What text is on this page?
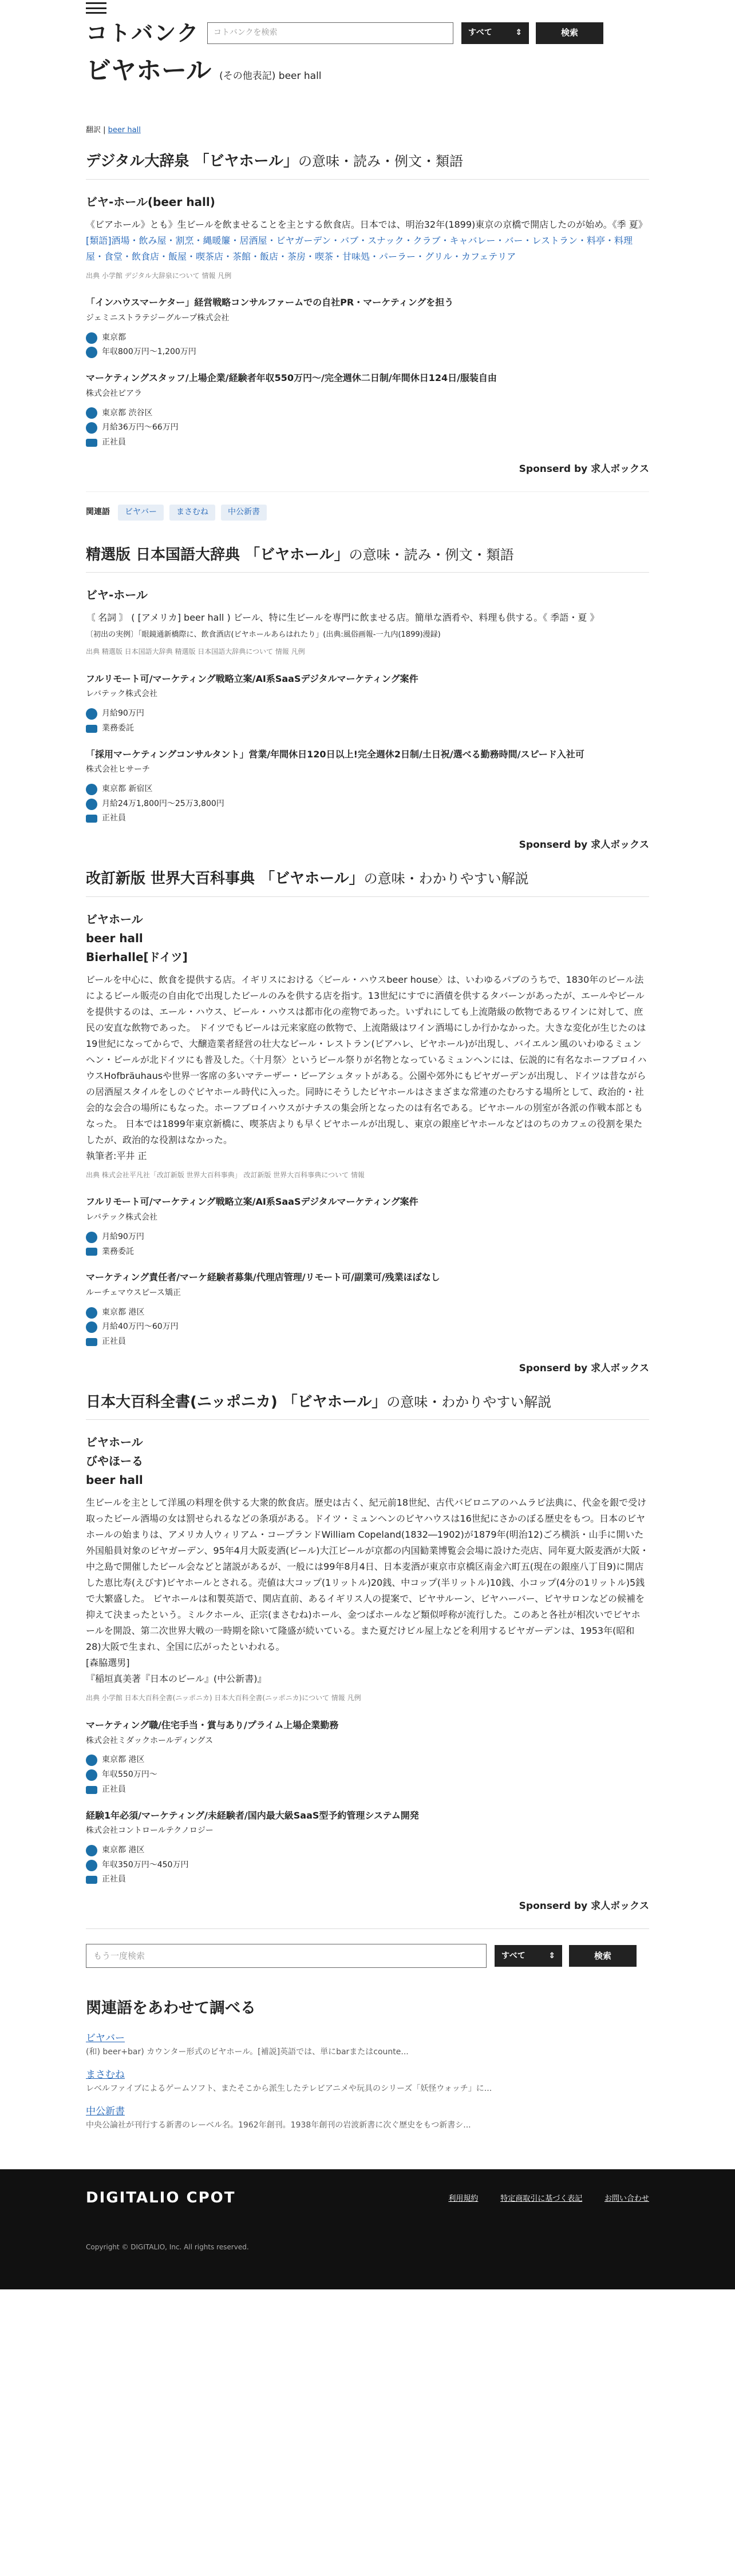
コトバンク	コトバンクを検索	すべて	⇕	検索
ビヤホール (その他表記) beer hall
翻訳 | beer hall
デジタル大辞泉 「ビヤホール」の意味・読み・例文・類語
ビヤ‐ホール(beer hall)
《ビアホール》とも》生ビールを飲ませることを主とする飲食店。日本では、明治32年(1899)東京の京橋で開店したのが始め。《季 夏》
[類語]酒場・飲み屋・割烹・縄暖簾・居酒屋・ビヤガーデン・バブ・スナック・クラブ・キャバレー・バー・レストラン・料亭・料理屋・食堂・飲食店・飯屋・喫茶店・茶館・飯店・茶房・喫茶・甘味処・パーラー・グリル・カフェテリア
出典 小学館 デジタル大辞泉について 情報 凡例
「インハウスマーケター」経営戦略コンサルファームでの自社PR・マーケティングを担う
ジェミニストラテジーグループ株式会社
東京都
年収800万円〜1,200万円
マーケティングスタッフ/上場企業/経験者年収550万円〜/完全週休二日制/年間休日124日/服装自由
株式会社ピアラ
東京都 渋谷区
月給36万円〜66万円
正社員
Sponserd by 求人ボックス
関連語	ビヤバー	まさむね	中公新書
精選版 日本国語大辞典 「ビヤホール」の意味・読み・例文・類語
ビヤ‐ホール
〘 名詞 〙 ( [アメリカ] beer hall ) ビール、特に生ビールを専門に飲ませる店。簡単な酒肴や、料理も供する。《 季語・夏 》
〔初出の実例〕「眼鏡通新橋際に、飲食酒店(ビヤホールあらはれたり」(出典:風俗画報-一九内(1899)漫録)
出典 精選版 日本国語大辞典 精選版 日本国語大辞典について 情報 凡例
フルリモート可/マーケティング戦略立案/AI系SaaSデジタルマーケティング案件
レバテック株式会社
月給90万円
業務委託
「採用マーケティングコンサルタント」営業/年間休日120日以上!完全週休2日制/土日祝/選べる勤務時間/スピード入社可
株式会社ヒサーチ
東京都 新宿区
月給24万1,800円〜25万3,800円
正社員
Sponserd by 求人ボックス
改訂新版 世界大百科事典 「ビヤホール」の意味・わかりやすい解説
ビヤホール
beer hall
Bierhalle[ドイツ]
ビールを中心に、飲食を提供する店。イギリスにおける〈ビール・ハウスbeer house〉は、いわゆるパブのうちで、1830年のビール法によるビール販売の自由化で出現したビールのみを供する店を指す。13世紀にすでに酒債を供するタバーンがあったが、エールやビールを提供するのは、エール・ハウス、ビール・ハウスは都市化の産物であった。いずれにしても上流階級の飲物であるワインに対して、庶民の安直な飲物であった。 ドイツでもビールは元来家庭の飲物で、上流階級はワイン酒場にしか行かなかった。大きな変化が生じたのは19世紀になってからで、大醸造業者経営の壮大なビール・レストラン(ビアハレ、ビヤホール)が出現し、バイエルン風のいわゆるミュンヘン・ビールが北ドイツにも普及した。〈十月祭〉というビール祭りが名物となっているミュンヘンには、伝説的に有名なホーフブロイハウスHofbräuhausや世界一客席の多いマテーザー・ビーアシュタットがある。公園や郊外にもビヤガーデンが出現し、ドイツは昔ながらの居酒屋スタイルをしのぐビヤホール時代に入った。同時にそうしたビヤホールはさまざまな常連のたむろする場所として、政治的・社会的な会合の場所にもなった。ホーフブロイハウスがナチスの集会所となったのは有名である。ビヤホールの別室が各派の作戦本部ともなった。 日本では1899年東京新橋に、喫茶店よりも早くビヤホールが出現し、東京の銀座ビヤホールなどはのちのカフェの役割を果たしたが、政治的な役割はなかった。
執筆者:平井 正
出典 株式会社平凡社「改訂新版 世界大百科事典」 改訂新版 世界大百科事典について 情報
フルリモート可/マーケティング戦略立案/AI系SaaSデジタルマーケティング案件
レバテック株式会社
月給90万円
業務委託
マーケティング責任者/マーケ経験者募集/代理店管理/リモート可/副業可/残業ほぼなし
ルーチェマウスピース矯正
東京都 港区
月給40万円〜60万円
正社員
Sponserd by 求人ボックス
日本大百科全書(ニッポニカ) 「ビヤホール」の意味・わかりやすい解説
ビヤホール
びやほーる
beer hall
生ビールを主として洋風の料理を供する大衆的飲食店。歴史は古く、紀元前18世紀、古代バビロニアのハムラビ法典に、代金を銀で受け取ったビール酒場の女は罰せられるなどの条項がある。ドイツ・ミュンヘンのビヤハウスは16世紀にさかのぼる歴史をもつ。日本のビヤホールの始まりは、アメリカ人ウィリアム・コープランドWilliam Copeland(1832―1902)が1879年(明治12)ごろ横浜・山手に開いた外国船員対象のビヤガーデン、95年4月大阪麦酒(ビール)大江ビールが京都の内国勧業博覧会会場に設けた売店、同年夏大阪麦酒が大阪・中之島で開催したビール会などと諸説があるが、一般には99年8月4日、日本麦酒が東京市京橋区南金六町五(現在の銀座八丁目9)に開店した恵比寿(えびす)ビヤホールとされる。売値は大コップ(1リットル)20銭、中コップ(半リットル)10銭、小コップ(4分の1リットル)5銭で大繁盛した。 ビヤホールは和製英語で、関店直前、あるイギリス人の提案で、ビヤサルーン、ビヤハーバー、ビヤサロンなどの候補を抑えて決まったという。ミルクホール、正宗(まさむね)ホール、金つばホールなど類似呼称が流行した。このあと各社が相次いでビヤホールを開設、第二次世界大戦の一時期を除いて隆盛が続いている。また夏だけビル屋上などを利用するビヤガーデンは、1953年(昭和28)大阪で生まれ、全国に広がったといわれる。
[森脇選男]
『稲垣真美著『日本のビール』(中公新書)』
出典 小学館 日本大百科全書(ニッポニカ) 日本大百科全書(ニッポニカ)について 情報 凡例
マーケティング職/住宅手当・賞与あり/プライム上場企業勤務
株式会社ミダックホールディングス
東京都 港区
年収550万円〜
正社員
経験1年必須/マーケティング/未経験者/国内最大級SaaS型予約管理システム開発
株式会社コントロールテクノロジー
東京都 港区
年収350万円〜450万円
正社員
Sponserd by 求人ボックス
もう一度検索	すべて	⇕	検索
関連語をあわせて調べる
ビヤバー

(和) beer+bar) カウンター形式のビヤホール。[補説]英語では、単にbarまたはcounte...

まさむね

レベルファイブによるゲームソフト、またそこから派生したテレビアニメや玩具のシリーズ「妖怪ウォッチ」に...

中公新書

中央公論社が刊行する新書のレーベル名。1962年創刊。1938年創刊の岩波新書に次ぐ歴史をもつ新書シ...

DIGITALIO CPOT	利用規約	特定商取引に基づく表記	お問い合わせ
Copyright © DIGITALIO, Inc. All rights reserved.
